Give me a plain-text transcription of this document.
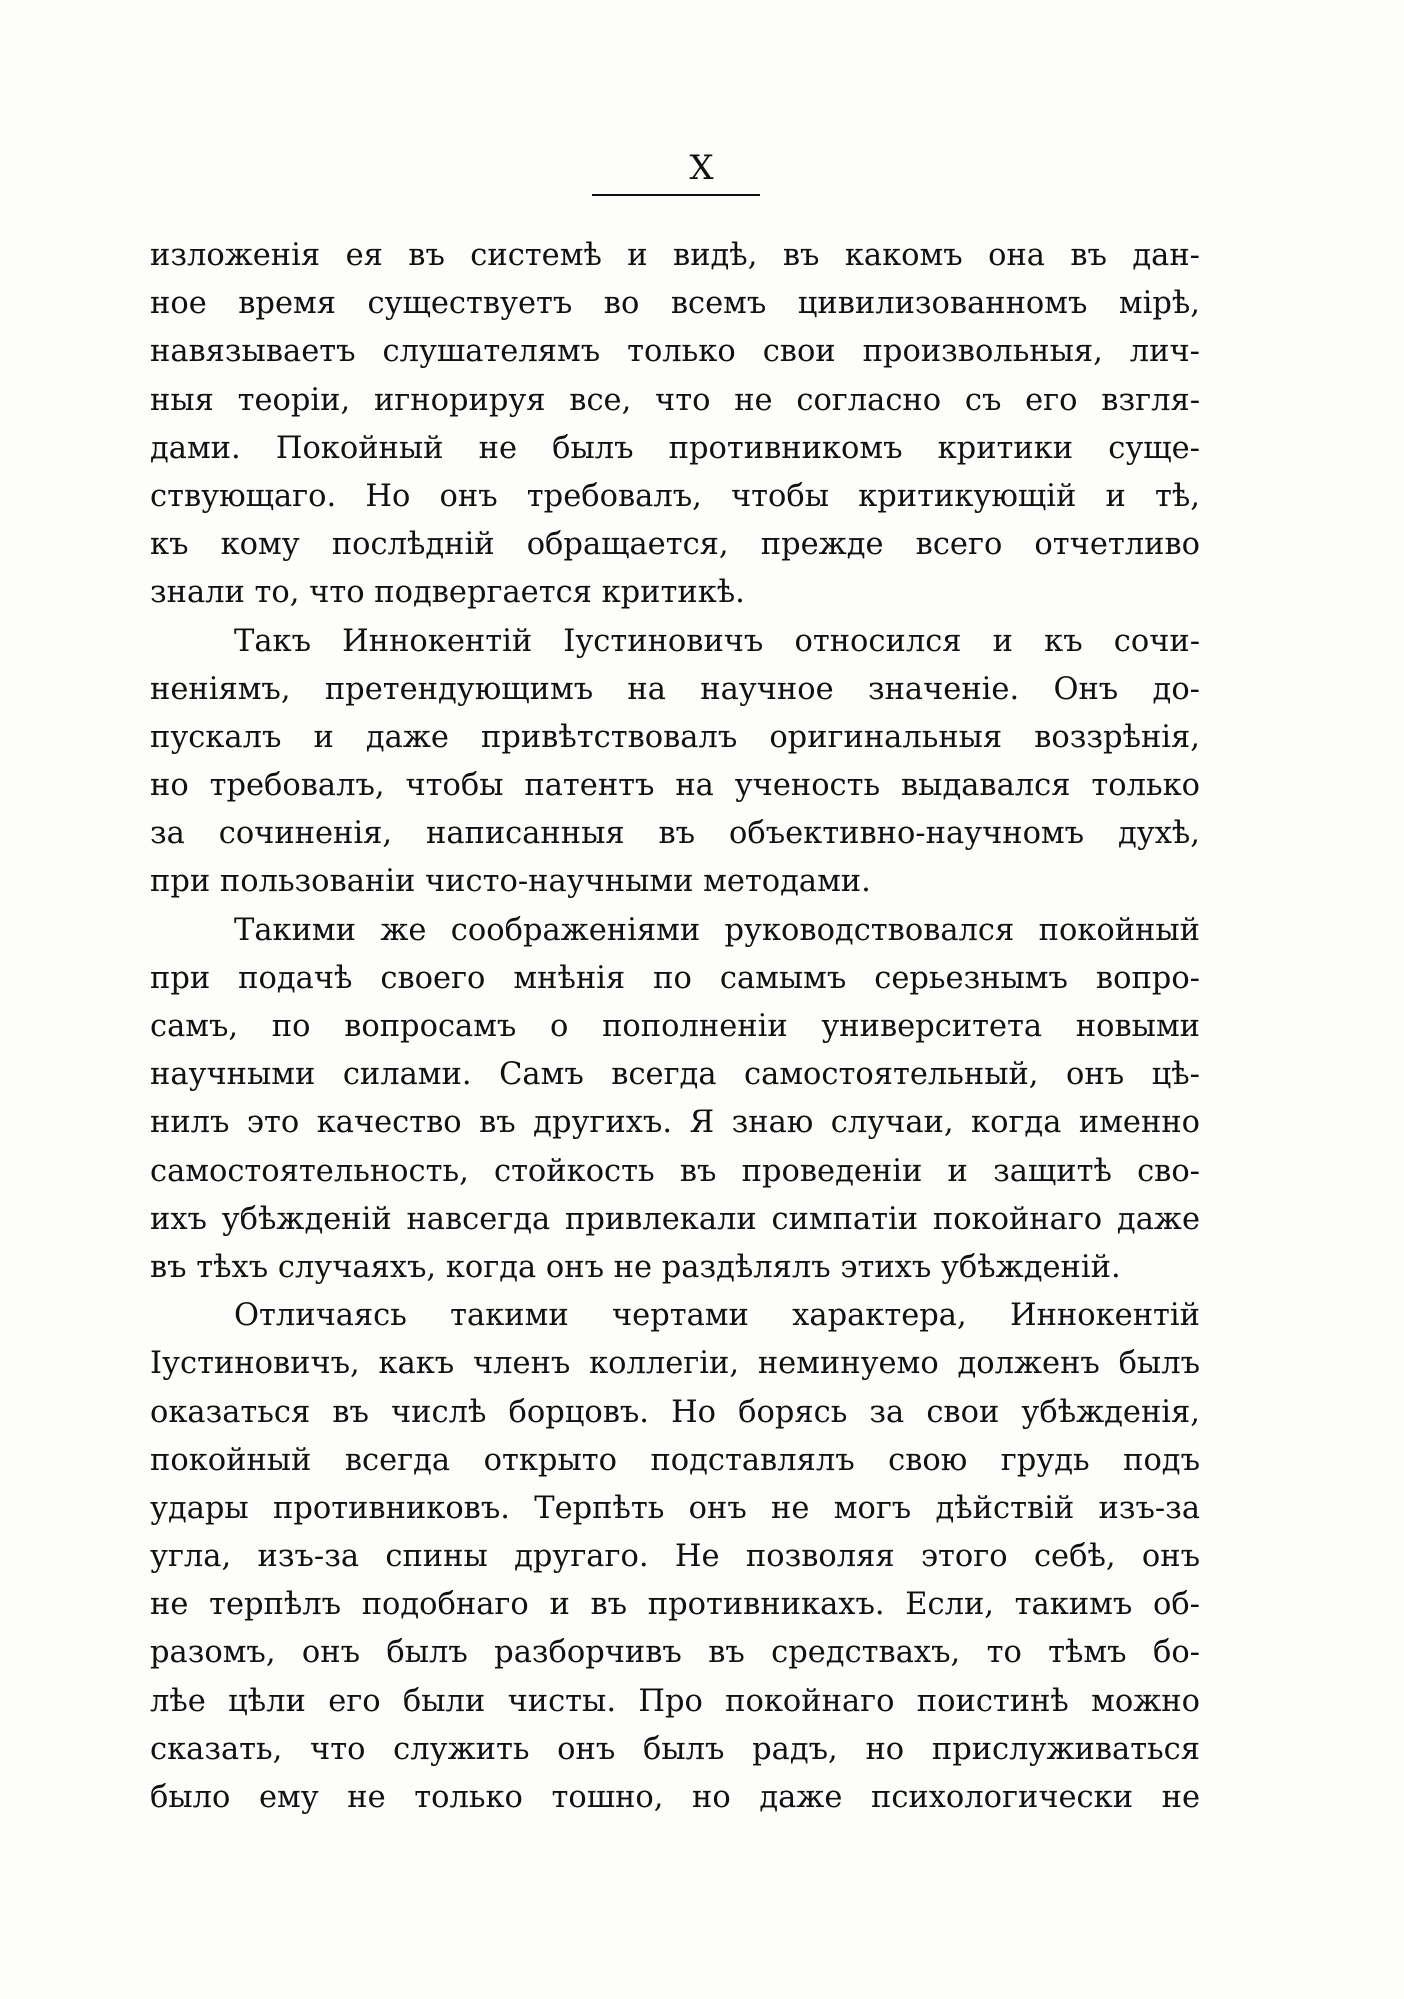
X
изложенія ея въ системѣ и видѣ, въ какомъ она въ дан-
ное время существуетъ во всемъ цивилизованномъ мірѣ,
навязываетъ слушателямъ только свои произвольныя, лич-
ныя теоріи, игнорируя все, что не согласно съ его взгля-
дами. Покойный не былъ противникомъ критики суще-
ствующаго. Но онъ требовалъ, чтобы критикующій и тѣ,
къ кому послѣдній обращается, прежде всего отчетливо
знали то, что подвергается критикѣ.
Такъ Иннокентій Іустиновичъ относился и къ сочи-
неніямъ, претендующимъ на научное значеніе. Онъ до-
пускалъ и даже привѣтствовалъ оригинальныя воззрѣнія,
но требовалъ, чтобы патентъ на ученость выдавался только
за сочиненія, написанныя въ объективно-научномъ духѣ,
при пользованіи чисто-научными методами.
Такими же соображеніями руководствовался покойный
при подачѣ своего мнѣнія по самымъ серьезнымъ вопро-
самъ, по вопросамъ о пополненіи университета новыми
научными силами. Самъ всегда самостоятельный, онъ цѣ-
нилъ это качество въ другихъ. Я знаю случаи, когда именно
самостоятельность, стойкость въ проведеніи и защитѣ сво-
ихъ убѣжденій навсегда привлекали симпатіи покойнаго даже
въ тѣхъ случаяхъ, когда онъ не раздѣлялъ этихъ убѣжденій.
Отличаясь такими чертами характера, Иннокентій
Іустиновичъ, какъ членъ коллегіи, неминуемо долженъ былъ
оказаться въ числѣ борцовъ. Но борясь за свои убѣжденія,
покойный всегда открыто подставлялъ свою грудь подъ
удары противниковъ. Терпѣть онъ не могъ дѣйствій изъ-за
угла, изъ-за спины другаго. Не позволяя этого себѣ, онъ
не терпѣлъ подобнаго и въ противникахъ. Если, такимъ об-
разомъ, онъ былъ разборчивъ въ средствахъ, то тѣмъ бо-
лѣе цѣли его были чисты. Про покойнаго поистинѣ можно
сказать, что служить онъ былъ радъ, но прислуживаться
было ему не только тошно, но даже психологически не
